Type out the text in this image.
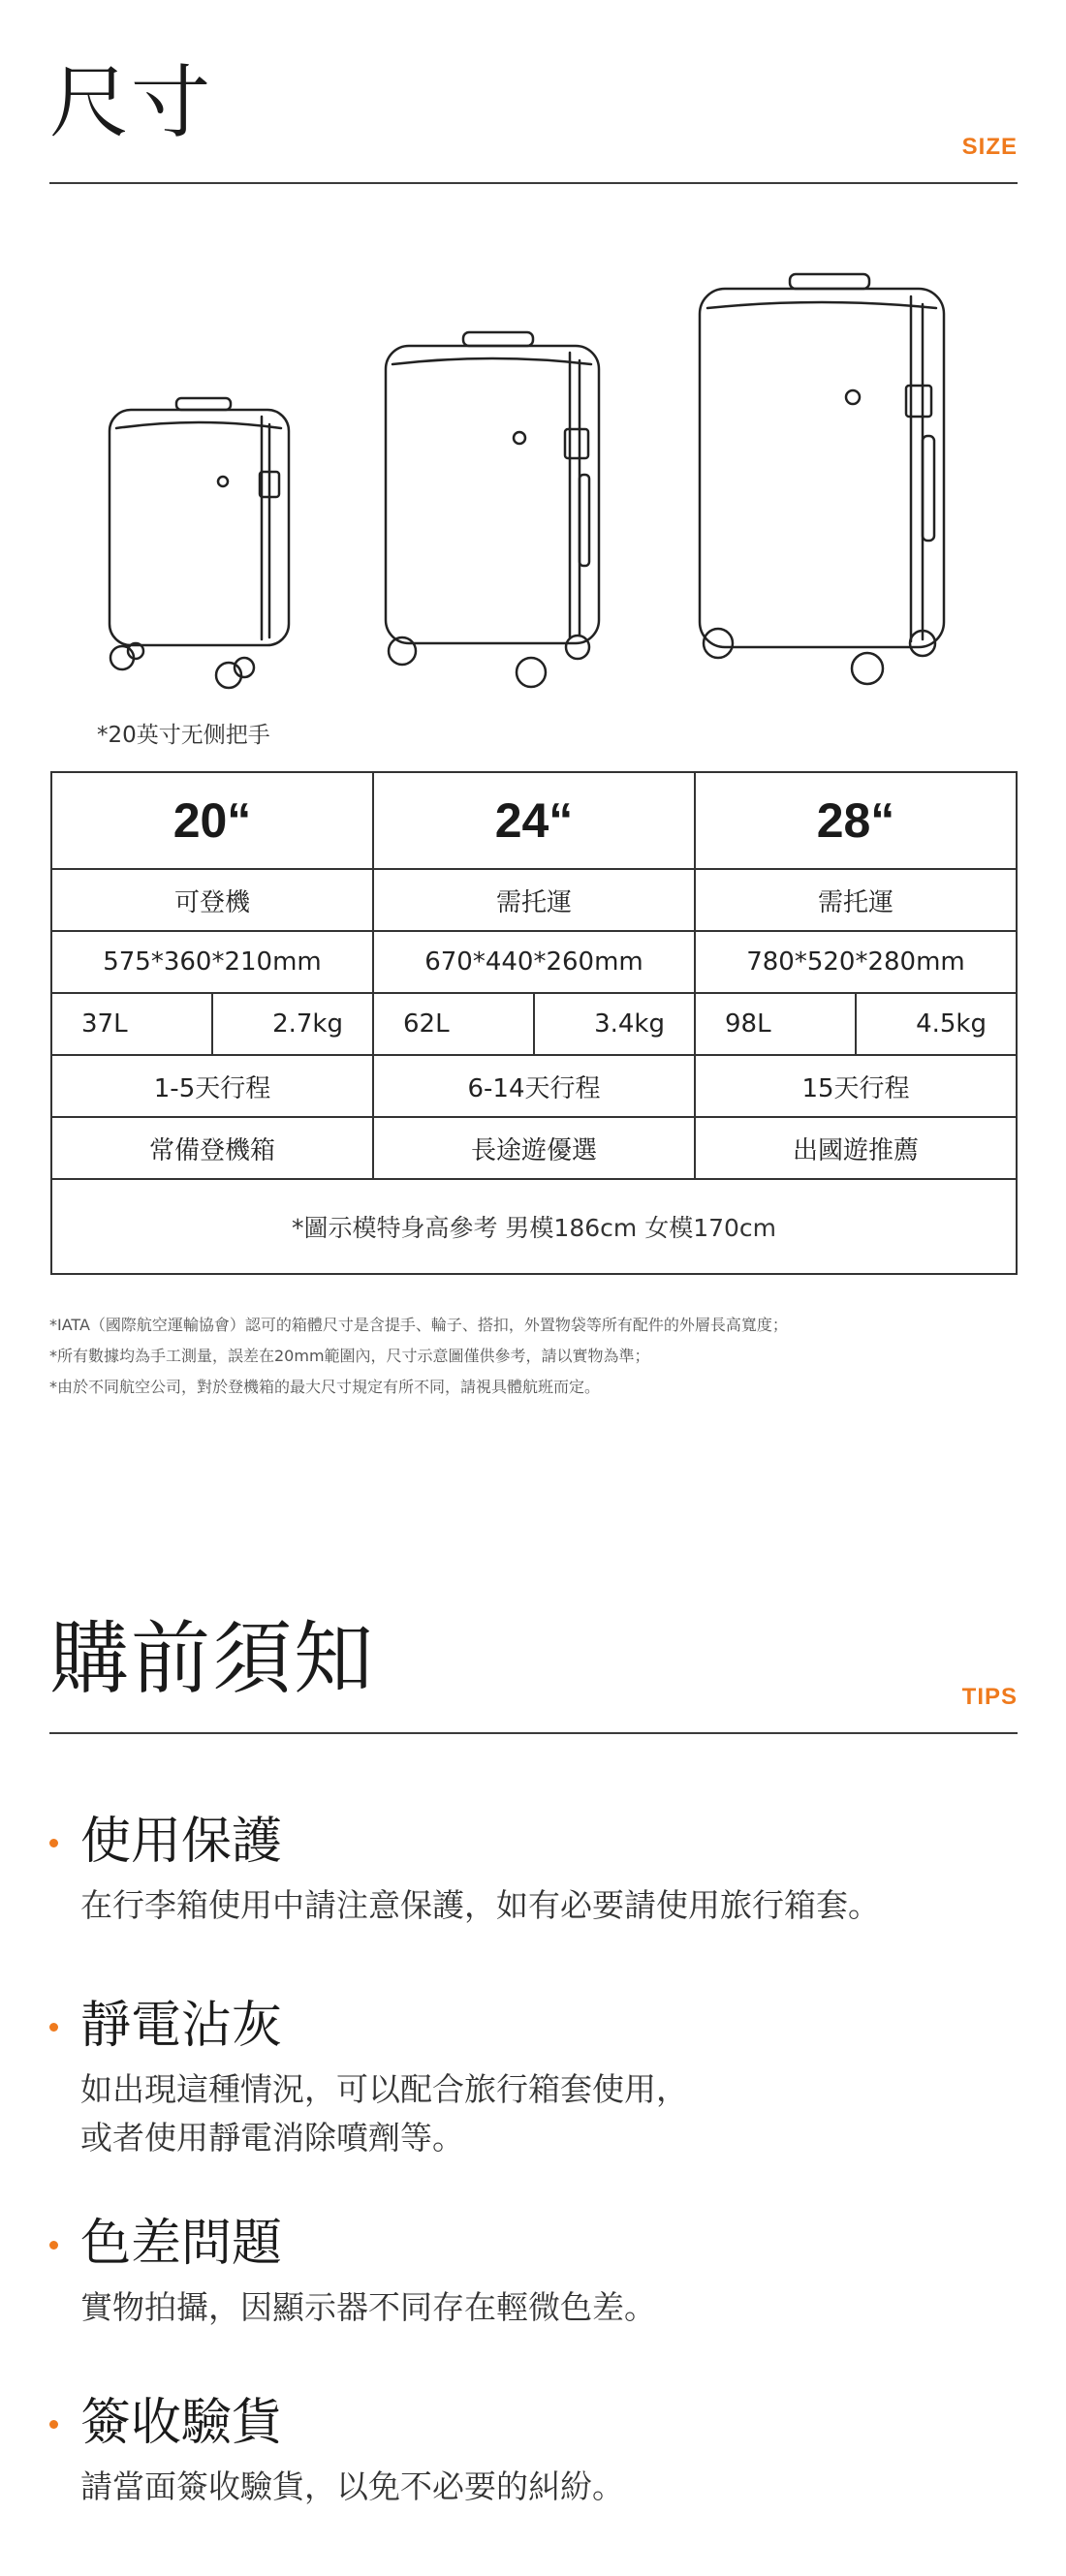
尺寸	SIZE
*20英寸无侧把手
20“		24“		28“	
可登機		需托運		需托運	
575*360*210mm		670*440*260mm		780*520*280mm	
37L	2.7kg	62L	3.4kg	98L	4.5kg
1-5天行程		6-14天行程		15天行程	
常備登機箱		長途遊優選		出國遊推薦	
*圖示模特身高參考 男模186cm 女模170cm					
*IATA（國際航空運輸協會）認可的箱體尺寸是含提手、輪子、搭扣，外置物袋等所有配件的外層長高寬度；
*所有數據均為手工測量，誤差在20mm範圍內，尺寸示意圖僅供參考，請以實物為準；
*由於不同航空公司，對於登機箱的最大尺寸規定有所不同，請視具體航班而定。
購前須知	TIPS
使用保護
在行李箱使用中請注意保護，如有必要請使用旅行箱套。
靜電沾灰
如出現這種情況，可以配合旅行箱套使用，
或者使用靜電消除噴劑等。
色差問題
實物拍攝，因顯示器不同存在輕微色差。
簽收驗貨
請當面簽收驗貨，以免不必要的糾紛。
